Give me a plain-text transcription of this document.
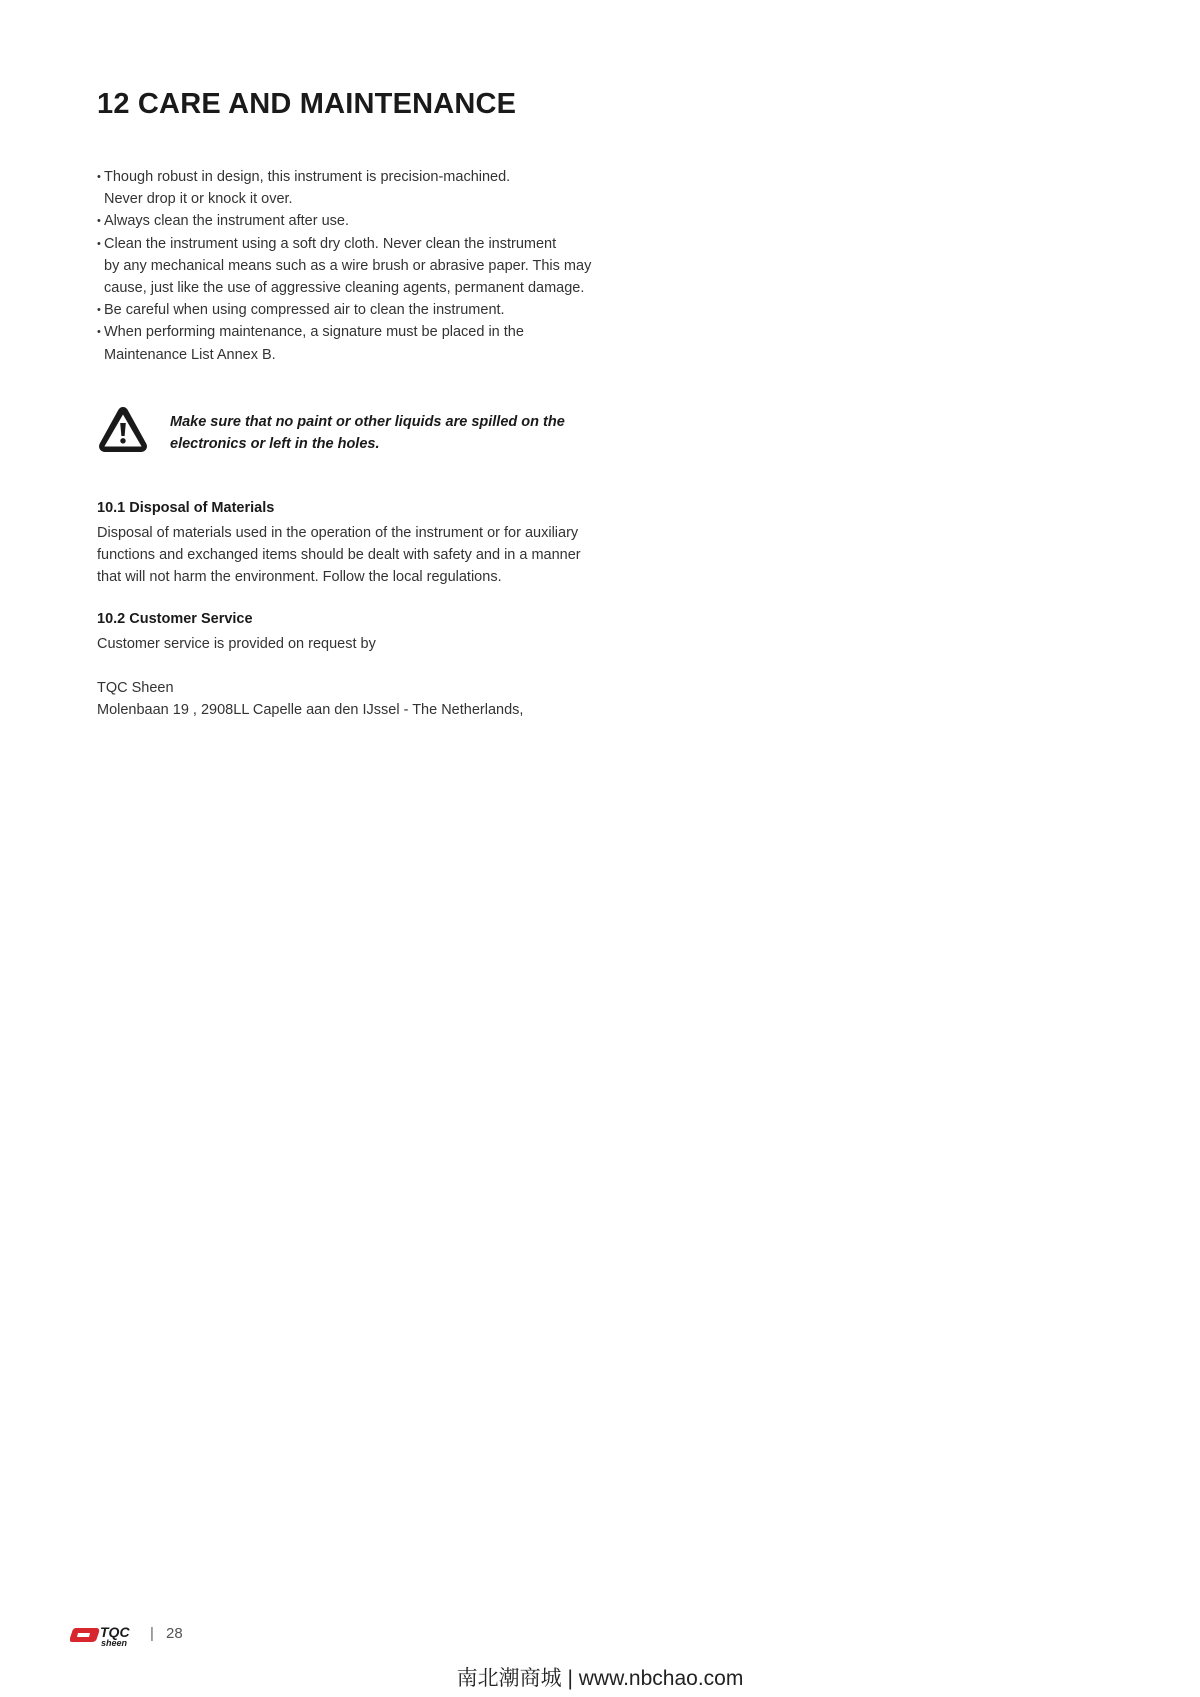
12 CARE AND MAINTENANCE
• Though robust in design, this instrument is precision-machined.
Never drop it or knock it over.
• Always clean the instrument after use.
• Clean the instrument using a soft dry cloth. Never clean the instrument
by any mechanical means such as a wire brush or abrasive paper. This may
cause, just like the use of aggressive cleaning agents, permanent damage.
• Be careful when using compressed air to clean the instrument.
• When performing maintenance, a signature must be placed in the
Maintenance List Annex B.
Make sure that no paint or other liquids are spilled on the
electronics or left in the holes.
10.1 Disposal of Materials

Disposal of materials used in the operation of the instrument or for auxiliary
functions and exchanged items should be dealt with safety and in a manner
that will not harm the environment. Follow the local regulations.

10.2 Customer Service

Customer service is provided on request by

TQC Sheen
Molenbaan 19 , 2908LL Capelle aan den IJssel - The Netherlands,

TQC
sheen
| 28
南北潮商城 | www.nbchao.com
